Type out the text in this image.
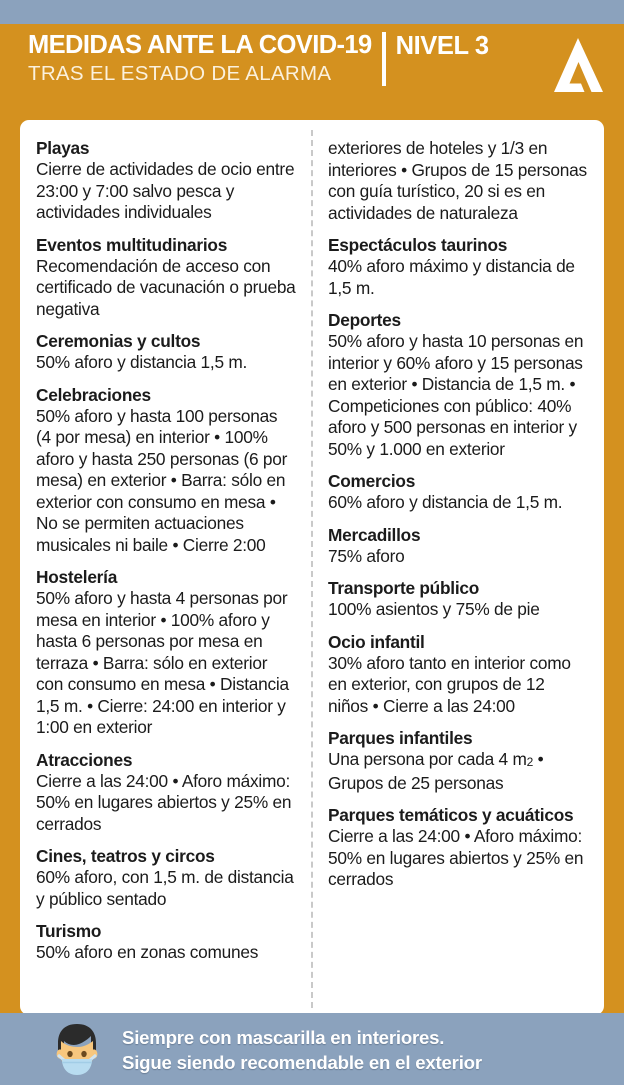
MEDIDAS ANTE LA COVID-19
TRAS EL ESTADO DE ALARMA
NIVEL 3
Playas
Cierre de actividades de ocio entre 23:00 y 7:00 salvo pesca y actividades individuales
Eventos multitudinarios
Recomendación de acceso con certificado de vacunación o prueba negativa
Ceremonias y cultos
50% aforo y distancia 1,5 m.
Celebraciones
50% aforo y hasta 100 personas (4 por mesa) en interior • 100% aforo y hasta 250 personas (6 por mesa) en exterior • Barra: sólo en exterior con consumo en mesa • No se permiten actuaciones musicales ni baile • Cierre 2:00
Hostelería
50% aforo y hasta 4 personas por mesa en interior • 100% aforo y hasta 6 personas por mesa en terraza • Barra: sólo en exterior con consumo en mesa • Distancia 1,5 m. • Cierre: 24:00 en interior y 1:00 en exterior
Atracciones
Cierre a las 24:00 • Aforo máximo: 50% en lugares abiertos y 25% en cerrados
Cines, teatros y circos
60% aforo, con 1,5 m. de distancia y público sentado
Turismo
50% aforo en zonas comunes
exteriores de hoteles y 1/3 en interiores • Grupos de 15 personas con guía turístico, 20 si es en actividades de naturaleza
Espectáculos taurinos
40% aforo máximo y distancia de 1,5 m.
Deportes
50% aforo y hasta 10 personas en interior y 60% aforo y 15 personas en exterior • Distancia de 1,5 m. • Competiciones con público: 40% aforo y 500 personas en interior y 50% y 1.000 en exterior
Comercios
60% aforo y distancia de 1,5 m.
Mercadillos
75% aforo
Transporte público
100% asientos y 75% de pie
Ocio infantil
30% aforo tanto en interior como en exterior, con grupos de 12 niños • Cierre a las 24:00
Parques infantiles
Una persona por cada 4 $m_2$ • Grupos de 25 personas
Parques temáticos y acuáticos
Cierre a las 24:00 • Aforo máximo: 50% en lugares abiertos y 25% en cerrados
Siempre con mascarilla en interiores.
Sigue siendo recomendable en el exterior
